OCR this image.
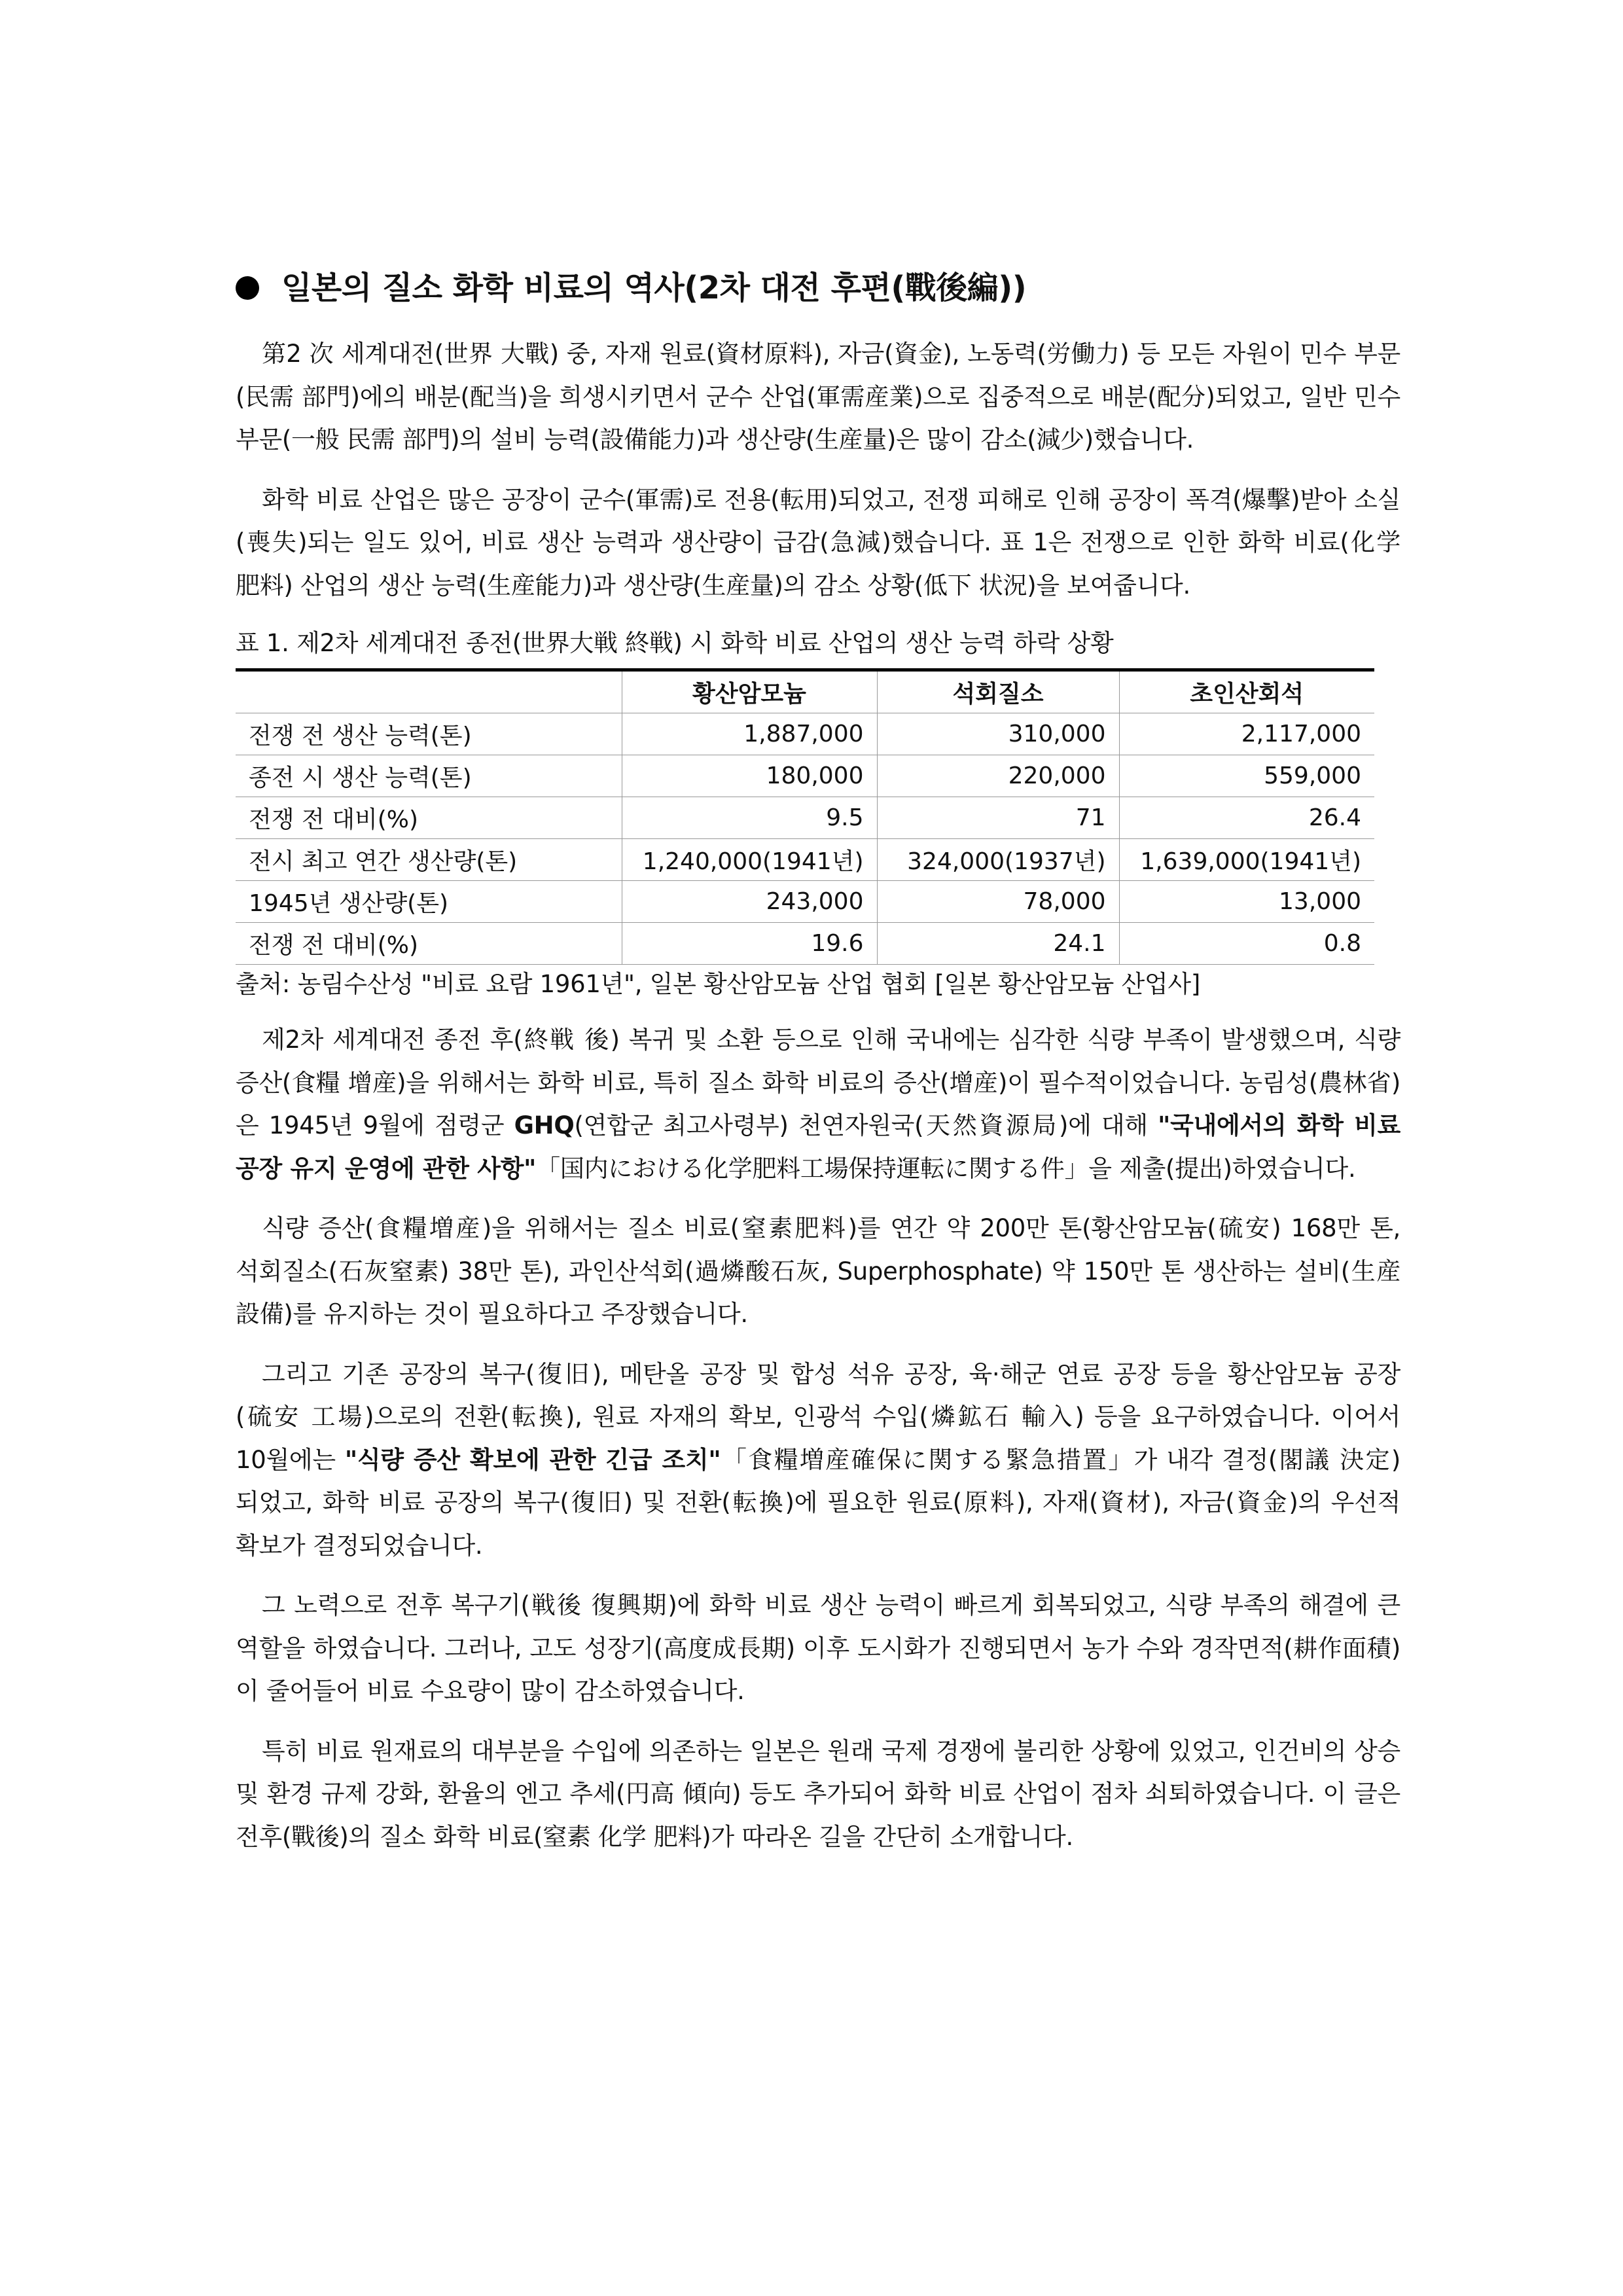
일본의 질소 화학 비료의 역사(2차 대전 후편(戰後編))

第2 次 세계대전(世界 大戰) 중, 자재 원료(資材原料), 자금(資金), 노동력(労働力) 등 모든 자원이 민수 부문(民需 部門)에의 배분(配当)을 희생시키면서 군수 산업(軍需産業)으로 집중적으로 배분(配分)되었고, 일반 민수 부문(一般 民需 部門)의 설비 능력(設備能力)과 생산량(生産量)은 많이 감소(減少)했습니다.

화학 비료 산업은 많은 공장이 군수(軍需)로 전용(転用)되었고, 전쟁 피해로 인해 공장이 폭격(爆擊)받아 소실(喪失)되는 일도 있어, 비료 생산 능력과 생산량이 급감(急減)했습니다. 표 1은 전쟁으로 인한 화학 비료(化学 肥料) 산업의 생산 능력(生産能力)과 생산량(生産量)의 감소 상황(低下 状況)을 보여줍니다.

표 1. 제2차 세계대전 종전(世界大戦 終戦) 시 화학 비료 산업의 생산 능력 하락 상황
	황산암모늄	석회질소	초인산회석
전쟁 전 생산 능력(톤)	1,887,000	310,000	2,117,000
종전 시 생산 능력(톤)	180,000	220,000	559,000
전쟁 전 대비(%)	9.5	71	26.4
전시 최고 연간 생산량(톤)	1,240,000(1941년)	324,000(1937년)	1,639,000(1941년)
1945년 생산량(톤)	243,000	78,000	13,000
전쟁 전 대비(%)	19.6	24.1	0.8
출처: 농림수산성 "비료 요람 1961년", 일본 황산암모늄 산업 협회 [일본 황산암모늄 산업사]

제2차 세계대전 종전 후(終戦 後) 복귀 및 소환 등으로 인해 국내에는 심각한 식량 부족이 발생했으며, 식량 증산(食糧 增産)을 위해서는 화학 비료, 특히 질소 화학 비료의 증산(增産)이 필수적이었습니다. 농림성(農林省)은 1945년 9월에 점령군 GHQ(연합군 최고사령부) 천연자원국(天然資源局)에 대해 "국내에서의 화학 비료 공장 유지 운영에 관한 사항"「国内における化学肥料工場保持運転に関する件」을 제출(提出)하였습니다.

식량 증산(食糧増産)을 위해서는 질소 비료(窒素肥料)를 연간 약 200만 톤(황산암모늄(硫安) 168만 톤, 석회질소(石灰窒素) 38만 톤), 과인산석회(過燐酸石灰, Superphosphate) 약 150만 톤 생산하는 설비(生産 設備)를 유지하는 것이 필요하다고 주장했습니다.

그리고 기존 공장의 복구(復旧), 메탄올 공장 및 합성 석유 공장, 육·해군 연료 공장 등을 황산암모늄 공장(硫安 工場)으로의 전환(転換), 원료 자재의 확보, 인광석 수입(燐鉱石 輸入) 등을 요구하였습니다. 이어서 10월에는 "식량 증산 확보에 관한 긴급 조치"「食糧増産確保に関する緊急措置」가 내각 결정(閣議 決定)되었고, 화학 비료 공장의 복구(復旧) 및 전환(転換)에 필요한 원료(原料), 자재(資材), 자금(資金)의 우선적 확보가 결정되었습니다.

그 노력으로 전후 복구기(戦後 復興期)에 화학 비료 생산 능력이 빠르게 회복되었고, 식량 부족의 해결에 큰 역할을 하였습니다. 그러나, 고도 성장기(高度成長期) 이후 도시화가 진행되면서 농가 수와 경작면적(耕作面積)이 줄어들어 비료 수요량이 많이 감소하였습니다.

특히 비료 원재료의 대부분을 수입에 의존하는 일본은 원래 국제 경쟁에 불리한 상황에 있었고, 인건비의 상승 및 환경 규제 강화, 환율의 엔고 추세(円高 傾向) 등도 추가되어 화학 비료 산업이 점차 쇠퇴하였습니다. 이 글은 전후(戰後)의 질소 화학 비료(窒素 化学 肥料)가 따라온 길을 간단히 소개합니다.
